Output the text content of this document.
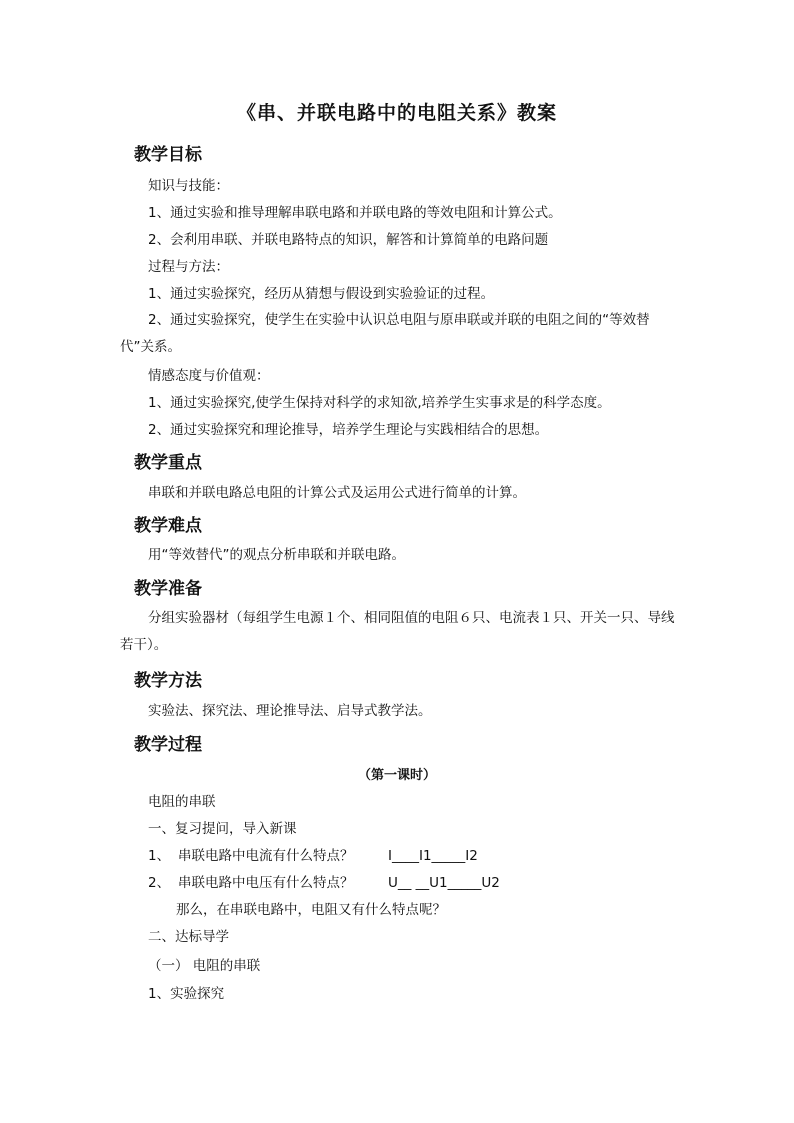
《串、并联电路中的电阻关系》教案
教学目标
知识与技能：
1、通过实验和推导理解串联电路和并联电路的等效电阻和计算公式。
2、会利用串联、并联电路特点的知识，解答和计算简单的电路问题
过程与方法：
1、通过实验探究，经历从猜想与假设到实验验证的过程。
2、通过实验探究，使学生在实验中认识总电阻与原串联或并联的电阻之间的“等效替代”关系。
情感态度与价值观：
1、通过实验探究,使学生保持对科学的求知欲,培养学生实事求是的科学态度。
2、通过实验探究和理论推导，培养学生理论与实践相结合的思想。
教学重点
串联和并联电路总电阻的计算公式及运用公式进行简单的计算。
教学难点
用“等效替代”的观点分析串联和并联电路。
教学准备
分组实验器材（每组学生电源１个、相同阻值的电阻６只、电流表１只、开关一只、导线若干）。
教学方法
实验法、探究法、理论推导法、启导式教学法。
教学过程
（第一课时）
电阻的串联
一、复习提问，导入新课
1、 串联电路中电流有什么特点？	I____I1_____I2
2、 串联电路中电压有什么特点？	U__ __U1_____U2
那么，在串联电路中，电阻又有什么特点呢？
二、达标导学
（一） 电阻的串联
1、实验探究
